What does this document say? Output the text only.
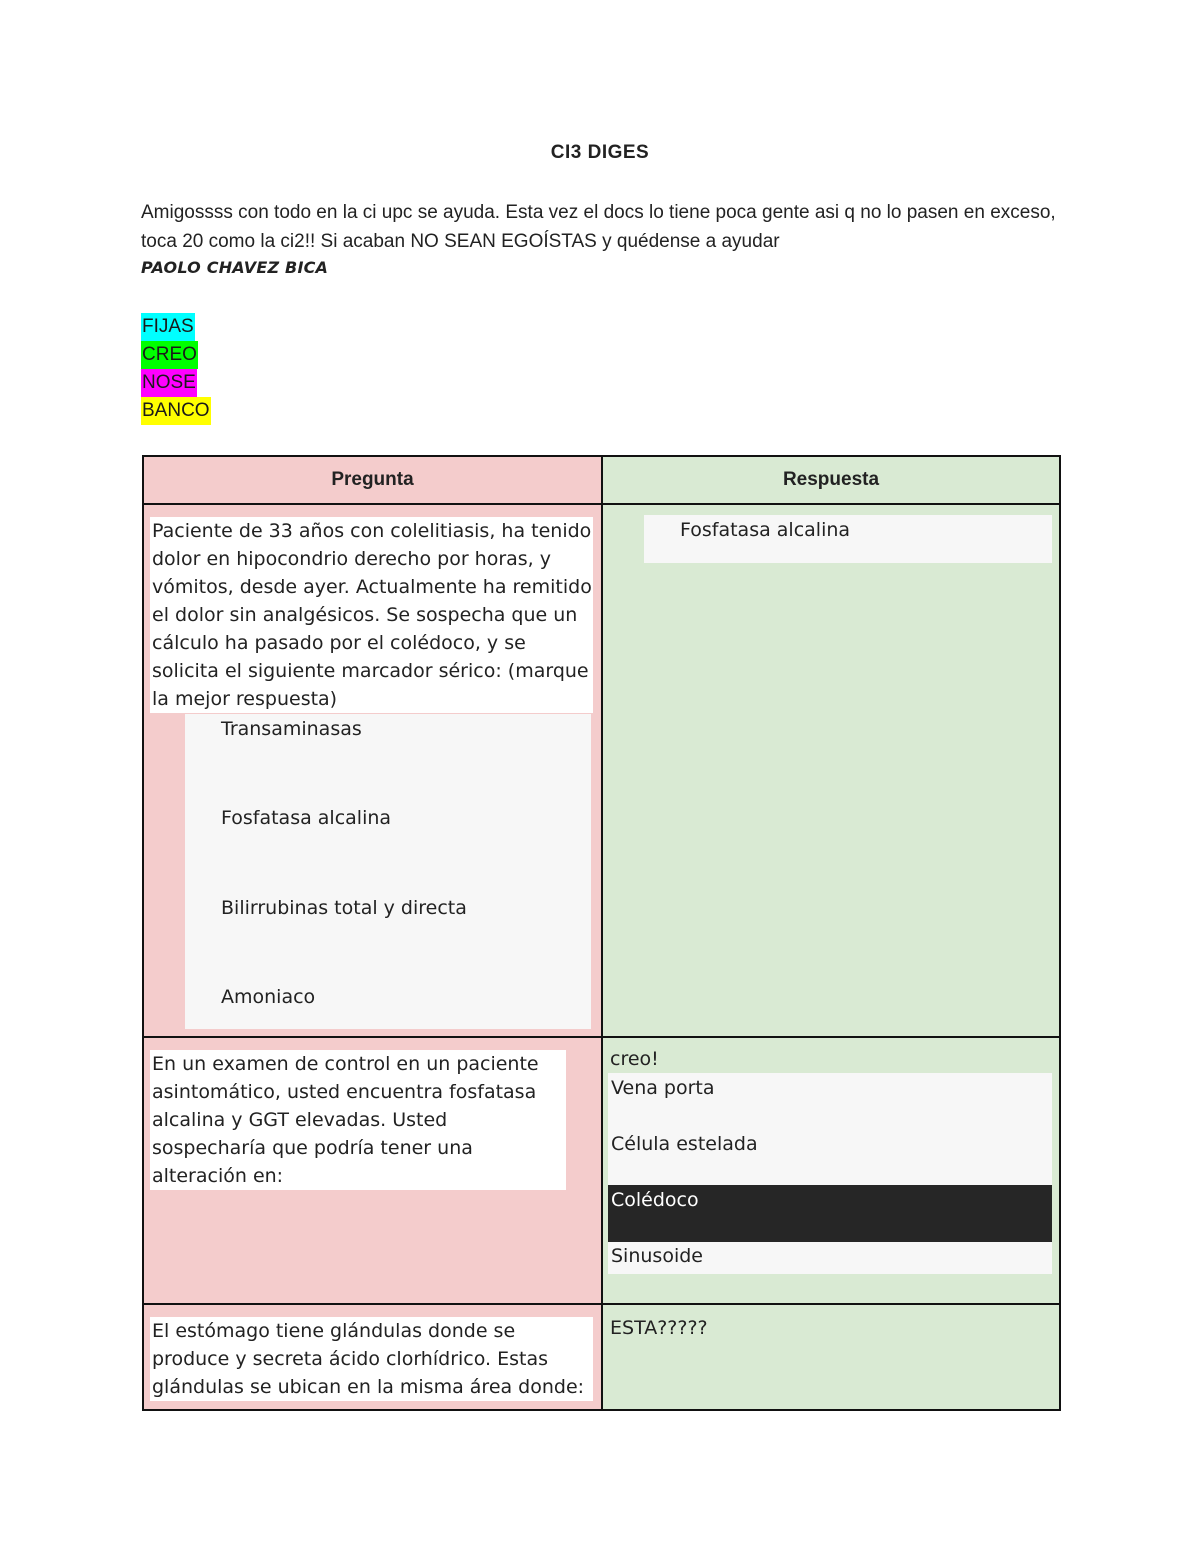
CI3 DIGES
Amigossss con todo en la ci upc se ayuda. Esta vez el docs lo tiene poca gente asi q no lo pasen en exceso, toca 20 como la ci2!! Si acaban NO SEAN EGOÍSTAS y quédense a ayudar
PAOLO CHAVEZ BICA
FIJAS
CREO
NOSE
BANCO
Pregunta	Respuesta
Paciente de 33 años con colelitiasis, ha tenido dolor en hipocondrio derecho por horas, y vómitos, desde ayer. Actualmente ha remitido el dolor sin analgésicos. Se sospecha que un cálculo ha pasado por el colédoco, y se solicita el siguiente marcador sérico: (marque la mejor respuesta)
Transaminasas
Fosfatasa alcalina
Bilirrubinas total y directa
Amoniaco
Fosfatasa alcalina
En un examen de control en un paciente asintomático, usted encuentra fosfatasa alcalina y GGT elevadas. Usted sospecharía que podría tener una alteración en:
creo!
Vena porta
Célula estelada
Colédoco
Sinusoide
El estómago tiene glándulas donde se produce y secreta ácido clorhídrico. Estas glándulas se ubican en la misma área donde:
ESTA?????
